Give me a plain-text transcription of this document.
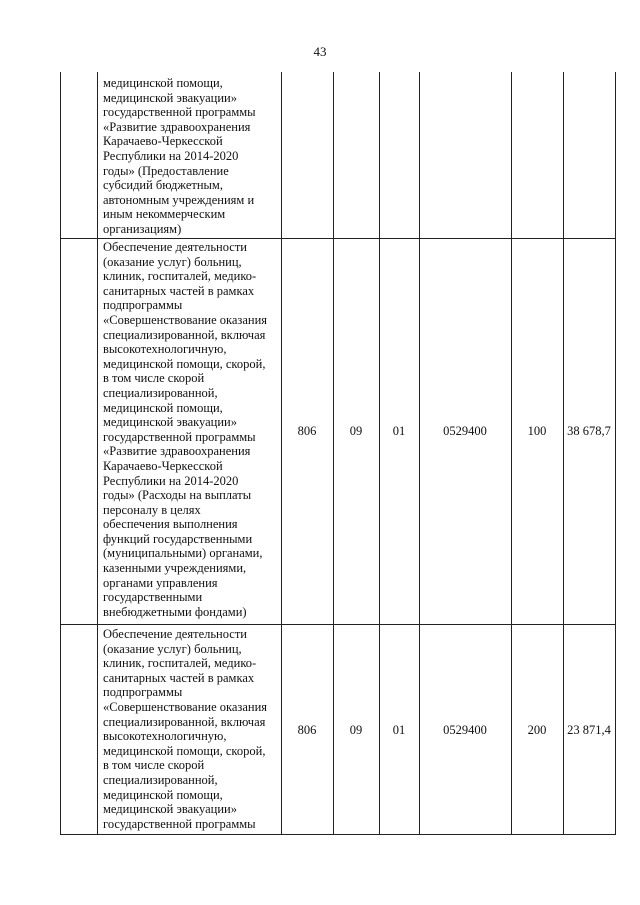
43
медицинской помощи,
медицинской эвакуации»
государственной программы
«Развитие здравоохранения
Карачаево-Черкесской
Республики на 2014-2020
годы» (Предоставление
субсидий бюджетным,
автономным учреждениям и
иным некоммерческим
организациям)
Обеспечение деятельности
(оказание услуг) больниц,
клиник, госпиталей, медико-
санитарных частей в рамках
подпрограммы
«Совершенствование оказания
специализированной, включая
высокотехнологичную,
медицинской помощи, скорой,
в том числе скорой
специализированной,
медицинской помощи,
медицинской эвакуации»
государственной программы
«Развитие здравоохранения
Карачаево-Черкесской
Республики на 2014-2020
годы» (Расходы на выплаты
персоналу в целях
обеспечения выполнения
функций государственными
(муниципальными) органами,
казенными учреждениями,
органами управления
государственными
внебюджетными фондами)
806	09	01	0529400	100	38 678,7
Обеспечение деятельности
(оказание услуг) больниц,
клиник, госпиталей, медико-
санитарных частей в рамках
подпрограммы
«Совершенствование оказания
специализированной, включая
высокотехнологичную,
медицинской помощи, скорой,
в том числе скорой
специализированной,
медицинской помощи,
медицинской эвакуации»
государственной программы
806	09	01	0529400	200	23 871,4
